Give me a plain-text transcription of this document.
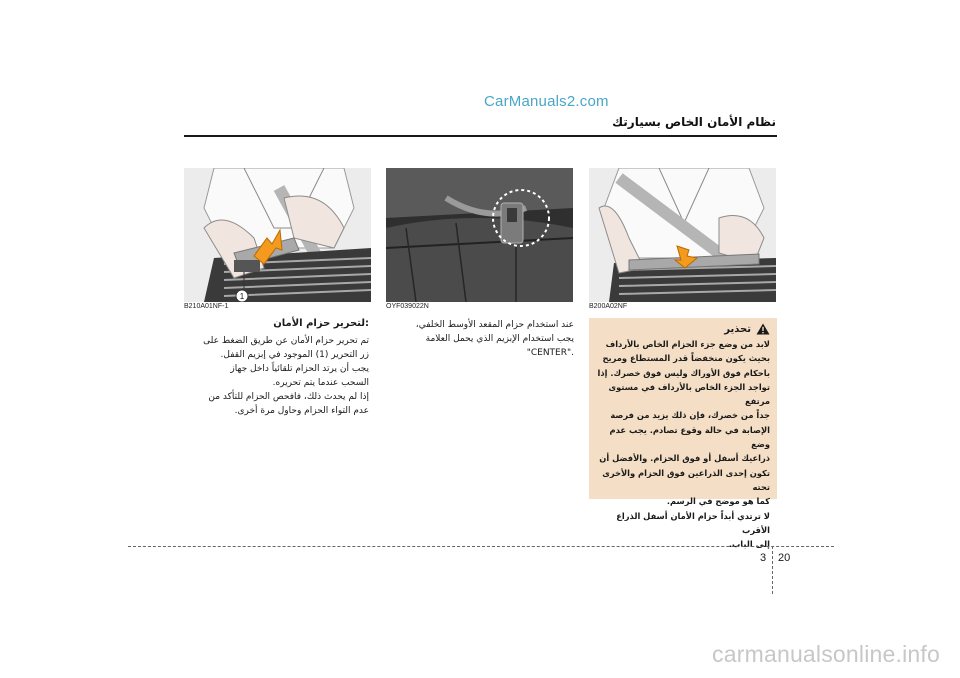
CarManuals2.com
نظام الأمان الخاص بسيارتك
1
B210A01NF-1	OYF039022N	B200A02NF
:لتحرير حزام الأمان

تم تحرير حزام الأمان عن طريق الضغط على

زر التحرير (1) الموجود في إبزيم القفل.

يجب أن يرتد الحزام تلقائياً داخل جهاز

السحب عندما يتم تحريره.

إذا لم يحدث ذلك، فافحص الحزام للتأكد من

عدم التواء الحزام وحاول مرة أخرى.

عند استخدام حزام المقعد الأوسط الخلفي،

يجب استخدام الإبزيم الذي يحمل العلامة

."CENTER"

تحذير

لابد من وضع جزء الحزام الخاص بالأرداف

بحيث يكون منخفضاً قدر المستطاع ومريح

باحكام فوق الأوراك وليس فوق خصرك. إذا

تواجد الجزء الخاص بالأرداف في مستوى مرتفع

جداً من خصرك، فإن ذلك يزيد من فرصة

الإصابة في حالة وقوع تصادم. يجب عدم وضع

ذراعيك أسفل أو فوق الحزام. والأفضل أن

تكون إحدى الذراعين فوق الحزام والأخرى تحته

كما هو موضح في الرسم.

لا ترتدي أبداً حزام الأمان أسفل الذراع الأقرب

إلى الباب.

3 20
carmanualsonline.info
